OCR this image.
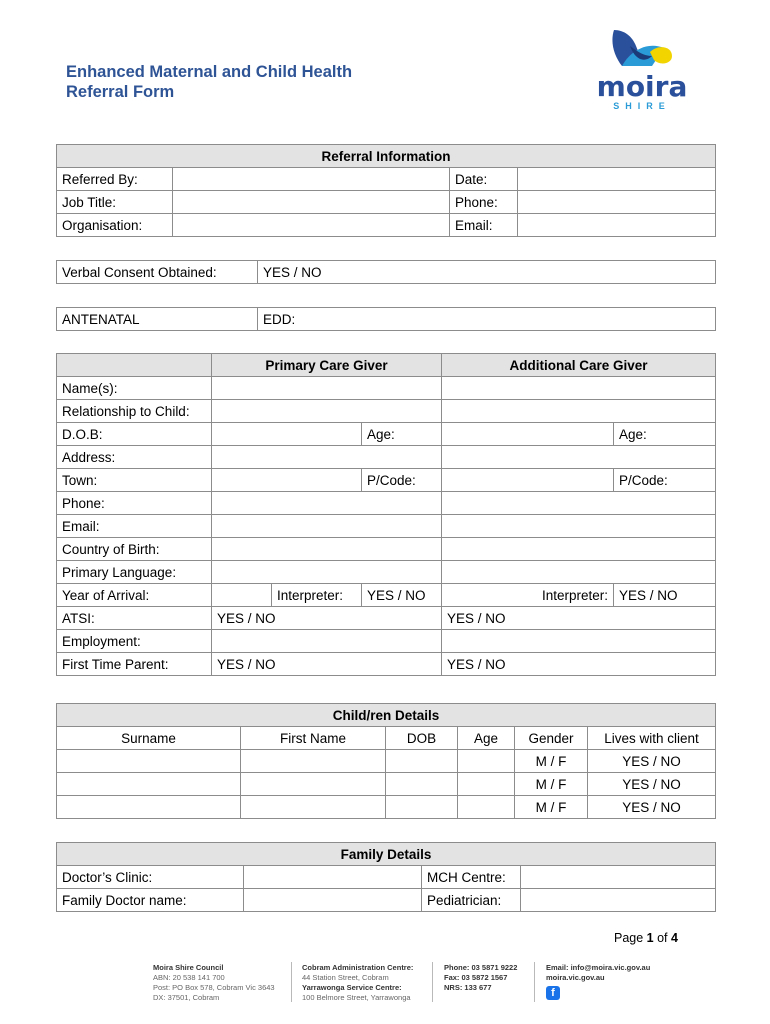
Enhanced Maternal and Child Health
Referral Form	moira
SHIRE
Referral Information			
Referred By:		Date:	
Job Title:		Phone:	
Organisation:		Email:	
Verbal Consent Obtained:	YES / NO
ANTENATAL	EDD:
	Primary Care Giver			Additional Care Giver	
Name(s):					
Relationship to Child:					
D.O.B:			Age:		Age:
Address:					
Town:			P/Code:		P/Code:
Phone:					
Email:					
Country of Birth:					
Primary Language:					
Year of Arrival:		Interpreter:	YES / NO	Interpreter:	YES / NO
ATSI:	YES / NO			YES / NO	
Employment:					
First Time Parent:	YES / NO			YES / NO	
Child/ren Details					
Surname	First Name	DOB	Age	Gender	Lives with client
				M / F	YES / NO
				M / F	YES / NO
				M / F	YES / NO
Family Details			
Doctor’s Clinic:		MCH Centre:	
Family Doctor name:		Pediatrician:	
Page 1 of 4
Moira Shire Council
ABN: 20 538 141 700
Post: PO Box 578, Cobram Vic 3643
DX: 37501, Cobram
Cobram Administration Centre:
44 Station Street, Cobram
Yarrawonga Service Centre:
100 Belmore Street, Yarrawonga
Phone: 03 5871 9222
Fax: 03 5872 1567
NRS: 133 677
Email: info@moira.vic.gov.au
moira.vic.gov.au
f
